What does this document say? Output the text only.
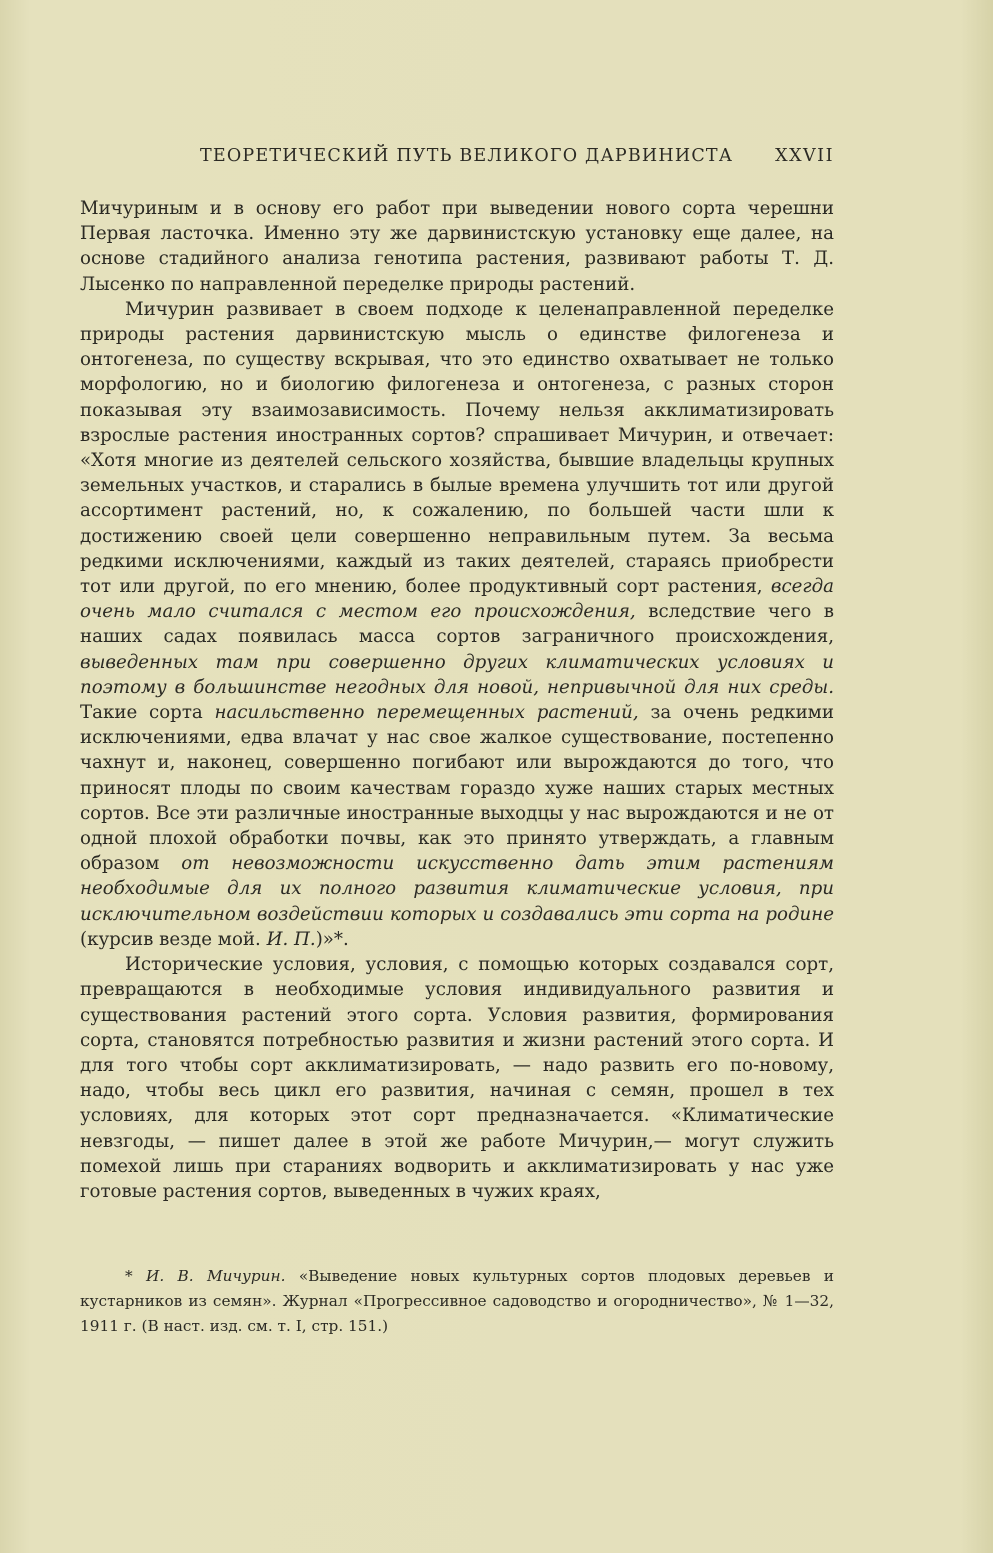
ТЕОРЕТИЧЕСКИЙ ПУТЬ ВЕЛИКОГО ДАРВИНИСТА XXVII

Мичуриным и в основу его работ при выведении нового сорта черешни Первая ласточка. Именно эту же дарвинистскую установку еще далее, на основе стадийного анализа генотипа растения, развивают работы Т. Д. Лысенко по направленной переделке природы растений.

Мичурин развивает в своем подходе к целенаправленной переделке природы растения дарвинистскую мысль о единстве филогенеза и онтогенеза, по существу вскрывая, что это единство охватывает не только морфологию, но и биологию филогенеза и онтогенеза, с разных сторон показывая эту взаимозависимость. Почему нельзя акклиматизировать взрослые растения иностранных сортов? спрашивает Мичурин, и отвечает: «Хотя многие из деятелей сельского хозяйства, бывшие владельцы крупных земельных участков, и старались в былые времена улучшить тот или другой ассортимент растений, но, к сожалению, по большей части шли к достижению своей цели совершенно неправильным путем. За весьма редкими исключениями, каждый из таких деятелей, стараясь приобрести тот или другой, по его мнению, более продуктивный сорт растения, всегда очень мало считался с местом его происхождения, вследствие чего в наших садах появилась масса сортов заграничного происхождения, выведенных там при совершенно других климатических условиях и поэтому в большинстве негодных для новой, непривычной для них среды. Такие сорта насильственно перемещенных растений, за очень редкими исключениями, едва влачат у нас свое жалкое существование, постепенно чахнут и, наконец, совершенно погибают или вырождаются до того, что приносят плоды по своим качествам гораздо хуже наших старых местных сортов. Все эти различные иностранные выходцы у нас вырождаются и не от одной плохой обработки почвы, как это принято утверждать, а главным образом от невозможности искусственно дать этим растениям необходимые для их полного развития климатические условия, при исключительном воздействии которых и создавались эти сорта на родине (курсив везде мой. И. П.)»*.

Исторические условия, условия, с помощью которых создавался сорт, превращаются в необходимые условия индивидуального развития и существования растений этого сорта. Условия развития, формирования сорта, становятся потребностью развития и жизни растений этого сорта. И для того чтобы сорт акклиматизировать, — надо развить его по-новому, надо, чтобы весь цикл его развития, начиная с семян, прошел в тех условиях, для которых этот сорт предназначается. «Климатические невзгоды, — пишет далее в этой же работе Мичурин,— могут служить помехой лишь при стараниях водворить и акклиматизировать у нас уже готовые растения сортов, выведенных в чужих краях,

* И. В. Мичурин. «Выведение новых культурных сортов плодовых деревьев и кустарников из семян». Журнал «Прогрессивное садоводство и огородничество», № 1—32, 1911 г. (В наст. изд. см. т. I, стр. 151.)
